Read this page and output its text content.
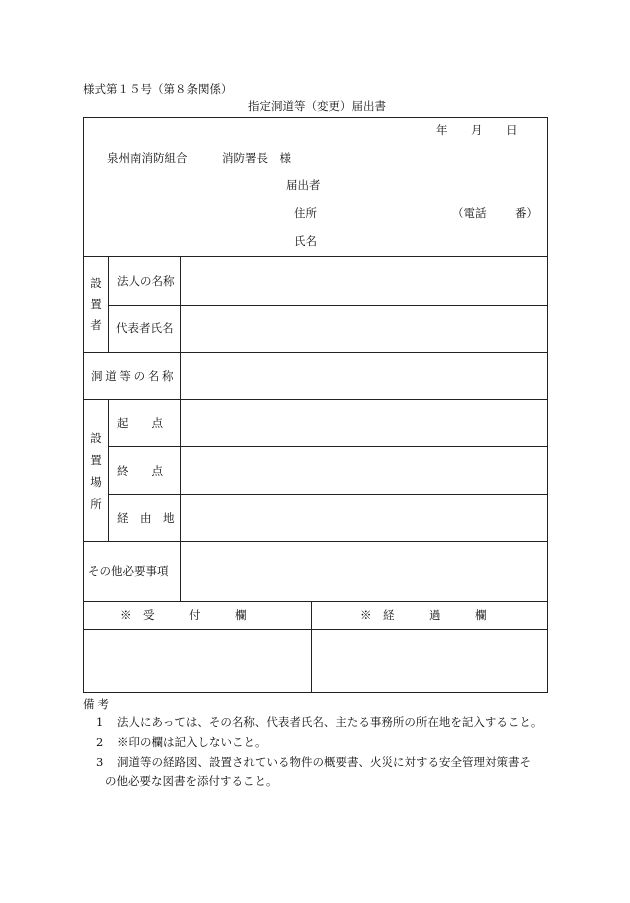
様式第１５号（第８条関係）
指定洞道等（変更）届出書
年 月 日
泉州南消防組合　　　消防署長　様
届出者
住所	（電話 番）
氏名
設
置
者
法人の名称
代表者氏名
洞 道 等 の 名 称
設
置
場
所
起　　点
終　　点
経　由　地
その他必要事項
※　受　　　付　　　欄	※　経　　　過　　　欄
備考
1 法人にあっては、その名称、代表者氏名、主たる事務所の所在地を記入すること。
2 ※印の欄は記入しないこと。
3 洞道等の経路図、設置されている物件の概要書、火災に対する安全管理対策書そ
の他必要な図書を添付すること。
